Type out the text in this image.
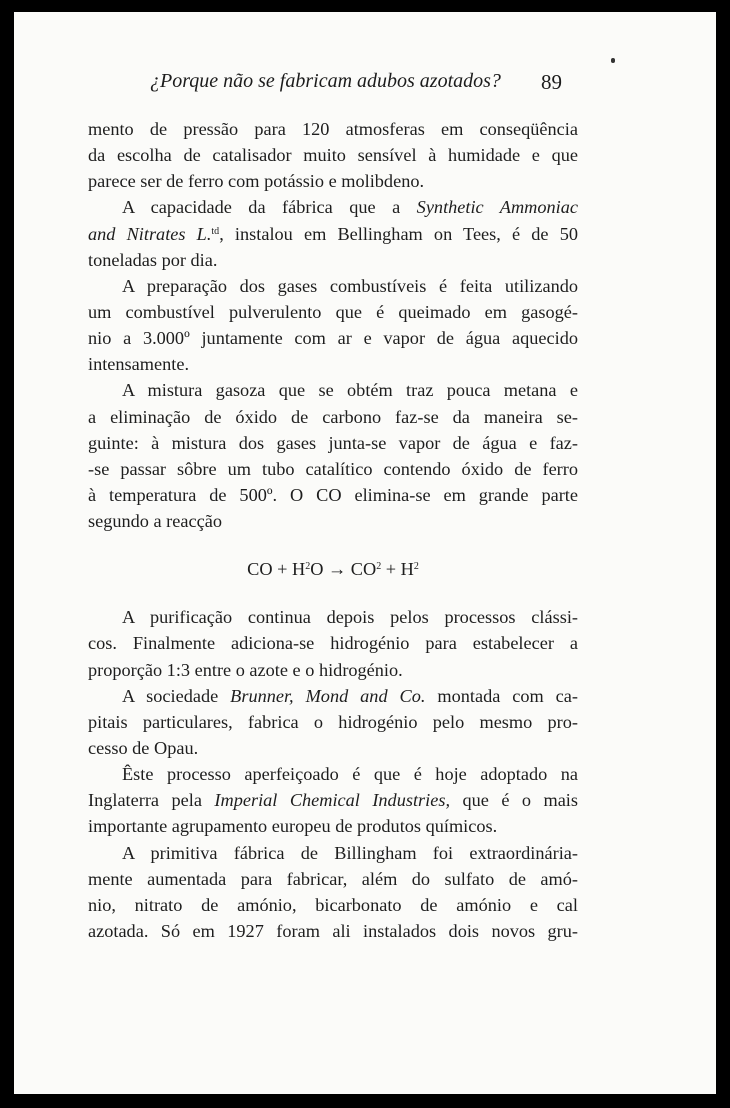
¿Porque não se fabricam adubos azotados? 89
mento de pressão para 120 atmosferas em conseqüência
da escolha de catalisador muito sensível à humidade e que
parece ser de ferro com potássio e molibdeno.
A capacidade da fábrica que a Synthetic Ammoniac
and Nitrates L.$^{td}$, instalou em Bellingham on Tees, é de 50
toneladas por dia.
A preparação dos gases combustíveis é feita utilizando
um combustível pulverulento que é queimado em gasogé-
nio a 3.000º juntamente com ar e vapor de água aquecido
intensamente.
A mistura gasoza que se obtém traz pouca metana e
a eliminação de óxido de carbono faz-se da maneira se-
guinte: à mistura dos gases junta-se vapor de água e faz-
-se passar sôbre um tubo catalítico contendo óxido de ferro
à temperatura de 500º. O CO elimina-se em grande parte
segundo a reacção
CO + $H^2O \to CO^2 + H^2$
A purificação continua depois pelos processos clássi-
cos. Finalmente adiciona-se hidrogénio para estabelecer a
proporção 1:3 entre o azote e o hidrogénio.
A sociedade Brunner, Mond and Co. montada com ca-
pitais particulares, fabrica o hidrogénio pelo mesmo pro-
cesso de Opau.
Êste processo aperfeiçoado é que é hoje adoptado na
Inglaterra pela Imperial Chemical Industries, que é o mais
importante agrupamento europeu de produtos químicos.
A primitiva fábrica de Billingham foi extraordinária-
mente aumentada para fabricar, além do sulfato de amó-
nio, nitrato de amónio, bicarbonato de amónio e cal
azotada. Só em 1927 foram ali instalados dois novos gru-
